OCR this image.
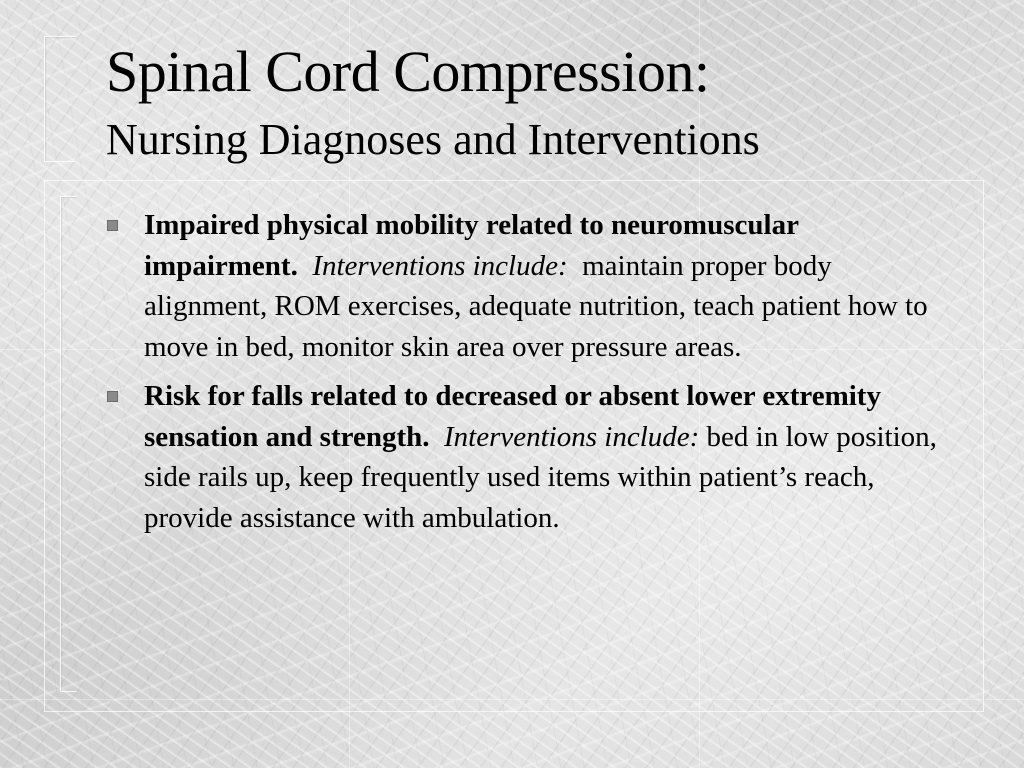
Spinal Cord Compression:
Nursing Diagnoses and Interventions
Impaired physical mobility related to neuromuscular impairment. Interventions include: maintain proper body alignment, ROM exercises, adequate nutrition, teach patient how to move in bed, monitor skin area over pressure areas.
Risk for falls related to decreased or absent lower extremity sensation and strength. Interventions include: bed in low position, side rails up, keep frequently used items within patient’s reach, provide assistance with ambulation.
